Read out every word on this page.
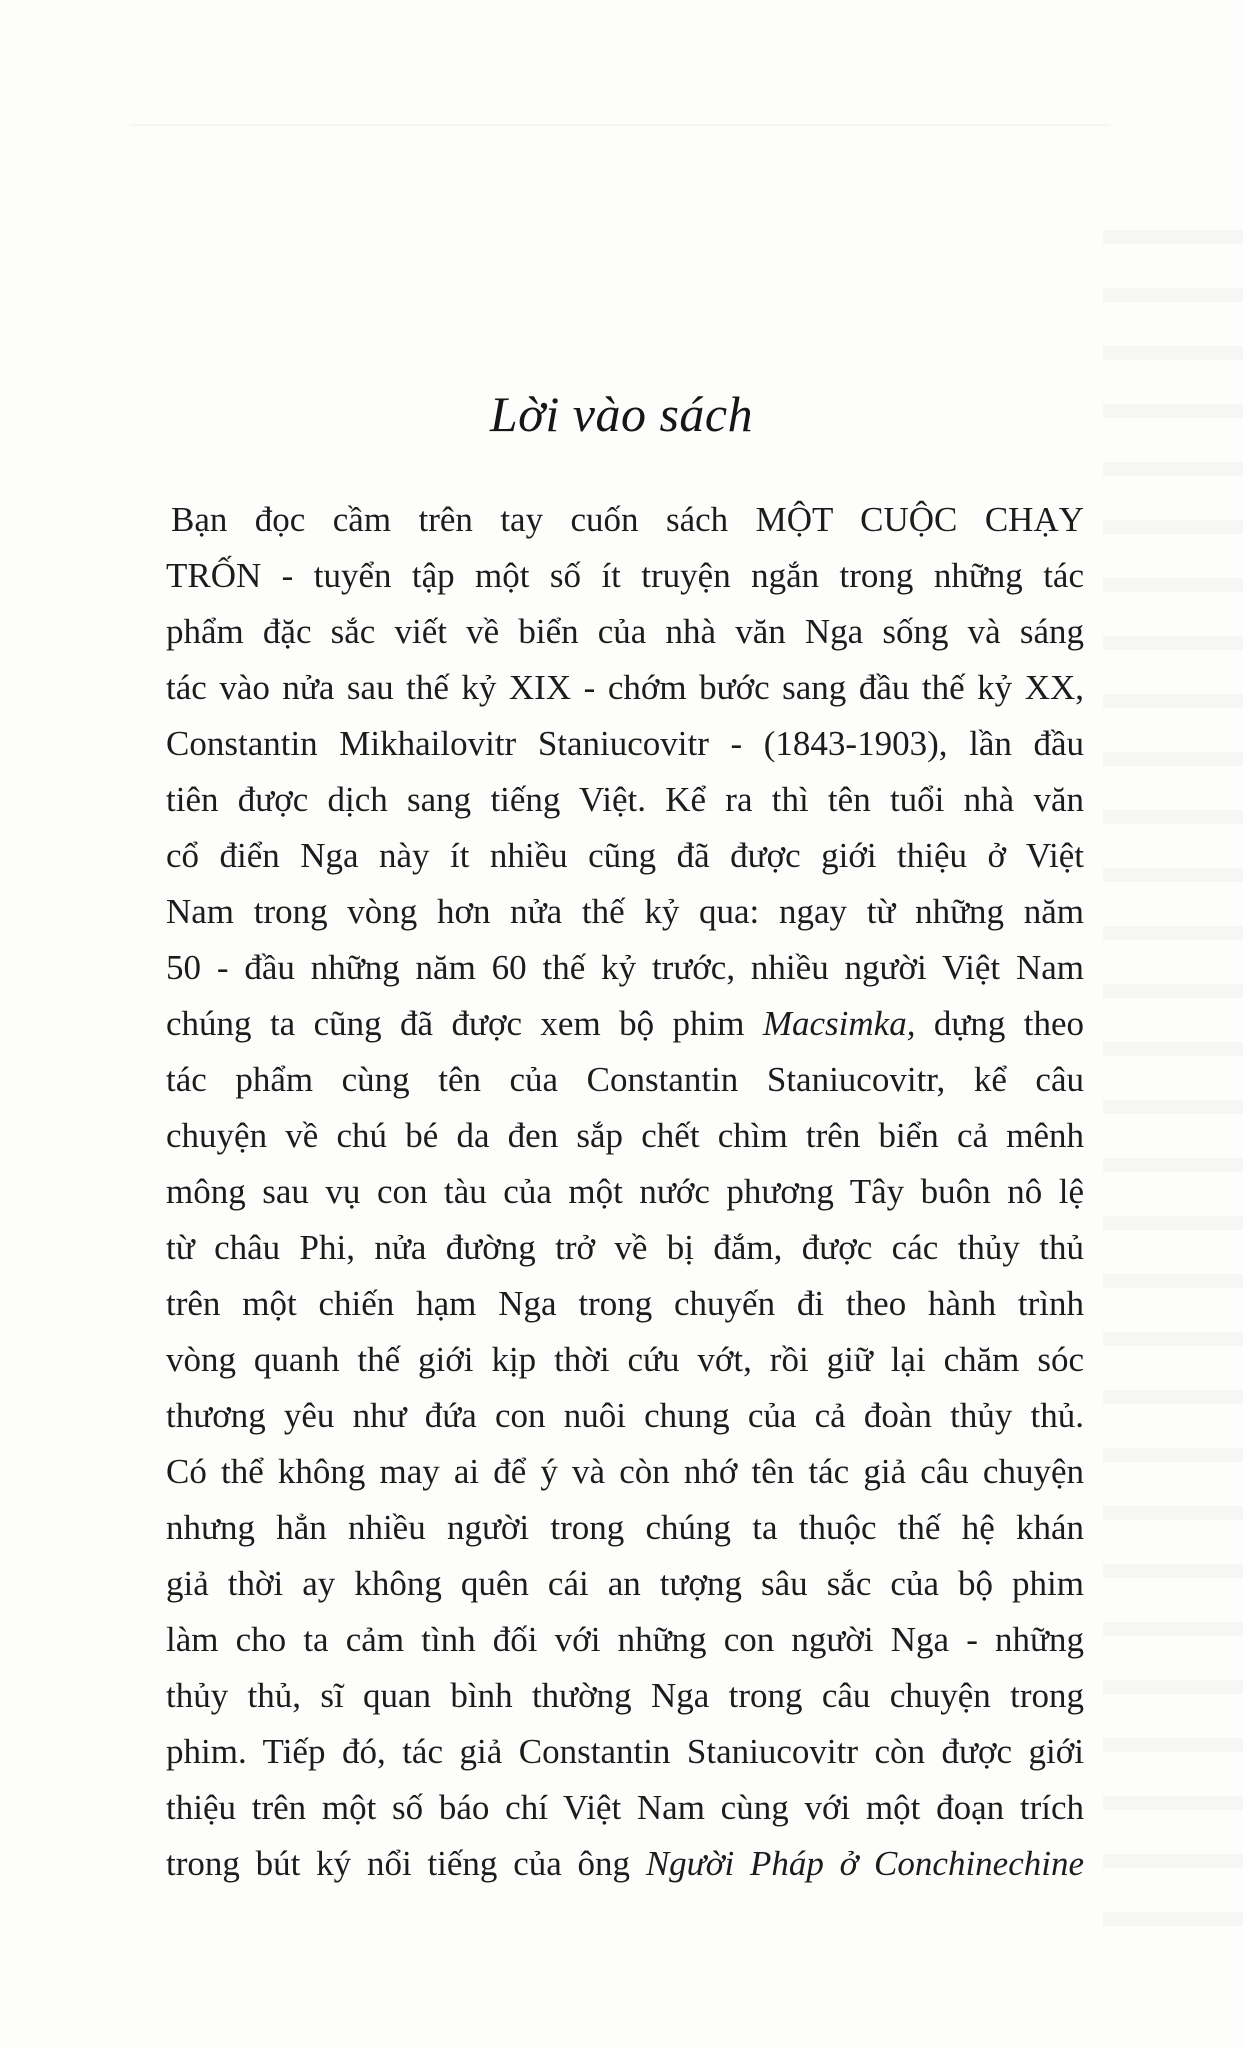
Lời vào sách
Bạn đọc cầm trên tay cuốn sách MỘT CUỘC CHẠY
TRỐN - tuyển tập một số ít truyện ngắn trong những tác
phẩm đặc sắc viết về biển của nhà văn Nga sống và sáng
tác vào nửa sau thế kỷ XIX - chớm bước sang đầu thế kỷ XX,
Constantin Mikhailovitr Staniucovitr - (1843-1903), lần đầu
tiên được dịch sang tiếng Việt. Kể ra thì tên tuổi nhà văn
cổ điển Nga này ít nhiều cũng đã được giới thiệu ở Việt
Nam trong vòng hơn nửa thế kỷ qua: ngay từ những năm
50 - đầu những năm 60 thế kỷ trước, nhiều người Việt Nam
chúng ta cũng đã được xem bộ phim Macsimka, dựng theo
tác phẩm cùng tên của Constantin Staniucovitr, kể câu
chuyện về chú bé da đen sắp chết chìm trên biển cả mênh
mông sau vụ con tàu của một nước phương Tây buôn nô lệ
từ châu Phi, nửa đường trở về bị đắm, được các thủy thủ
trên một chiến hạm Nga trong chuyến đi theo hành trình
vòng quanh thế giới kịp thời cứu vớt, rồi giữ lại chăm sóc
thương yêu như đứa con nuôi chung của cả đoàn thủy thủ.
Có thể không may ai để ý và còn nhớ tên tác giả câu chuyện
nhưng hẳn nhiều người trong chúng ta thuộc thế hệ khán
giả thời ay không quên cái an tượng sâu sắc của bộ phim
làm cho ta cảm tình đối với những con người Nga - những
thủy thủ, sĩ quan bình thường Nga trong câu chuyện trong
phim. Tiếp đó, tác giả Constantin Staniucovitr còn được giới
thiệu trên một số báo chí Việt Nam cùng với một đoạn trích
trong bút ký nổi tiếng của ông Người Pháp ở Conchinechine
